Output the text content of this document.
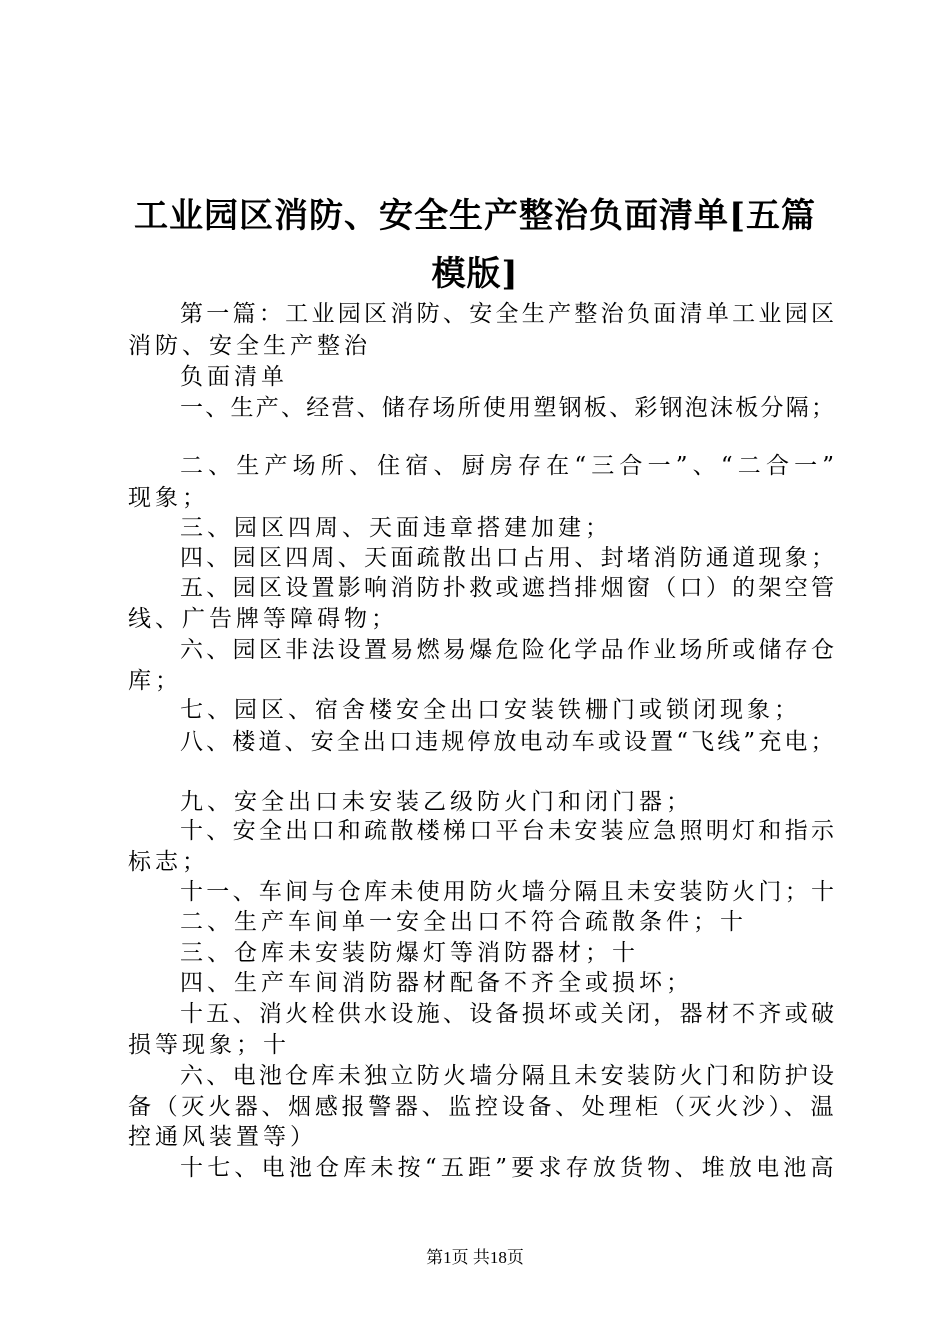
工业园区消防、安全生产整治负面清单[五篇
模版]
第一篇：工业园区消防、安全生产整治负面清单工业园区
消防、安全生产整治
负面清单
一、生产、经营、储存场所使用塑钢板、彩钢泡沫板分隔；
二、生产场所、住宿、厨房存在“三合一”、“二合一”
现象；
三、园区四周、天面违章搭建加建；
四、园区四周、天面疏散出口占用、封堵消防通道现象；
五、园区设置影响消防扑救或遮挡排烟窗（口）的架空管
线、广告牌等障碍物；
六、园区非法设置易燃易爆危险化学品作业场所或储存仓
库；
七、园区、宿舍楼安全出口安装铁栅门或锁闭现象；
八、楼道、安全出口违规停放电动车或设置“飞线”充电；
九、安全出口未安装乙级防火门和闭门器；
十、安全出口和疏散楼梯口平台未安装应急照明灯和指示
标志；
十一、车间与仓库未使用防火墙分隔且未安装防火门；十
二、生产车间单一安全出口不符合疏散条件；十
三、仓库未安装防爆灯等消防器材；十
四、生产车间消防器材配备不齐全或损坏；
十五、消火栓供水设施、设备损坏或关闭，器材不齐或破
损等现象；十
六、电池仓库未独立防火墙分隔且未安装防火门和防护设
备（灭火器、烟感报警器、监控设备、处理柜（灭火沙）、温
控通风装置等）
十七、电池仓库未按“五距”要求存放货物、堆放电池高
第1页 共18页
